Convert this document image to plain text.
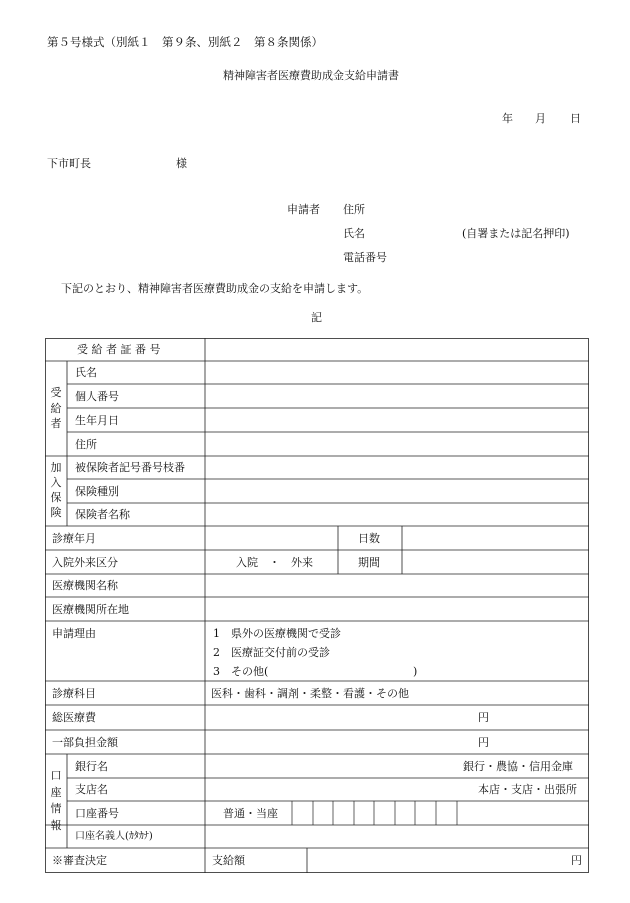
第５号様式（別紙１　第９条、別紙２　第８条関係）
精神障害者医療費助成金支給申請書
年 月 日
下市町長	様
申請者 住所
氏名	(自署または記名押印)
電話番号
下記のとおり、精神障害者医療費助成金の支給を申請します。
記
受 給 者 証 番 号
受
給
者
氏名
個人番号
生年月日
住所
加
入
保
険
被保険者記号番号枝番
保険種別
保険者名称
診療年月	日数
入院外来区分	入院　・　外来	期間
医療機関名称
医療機関所在地
申請理由	1　県外の医療機関で受診
2　医療証交付前の受診
3　その他(	)
診療科目	医科・歯科・調剤・柔整・看護・その他
総医療費	円
一部負担金額	円
口
座
情
報
銀行名	銀行・農協・信用金庫
支店名	本店・支店・出張所
口座番号	普通・当座
口座名義人(ｶﾀｶﾅ)
※審査決定	支給額	円
